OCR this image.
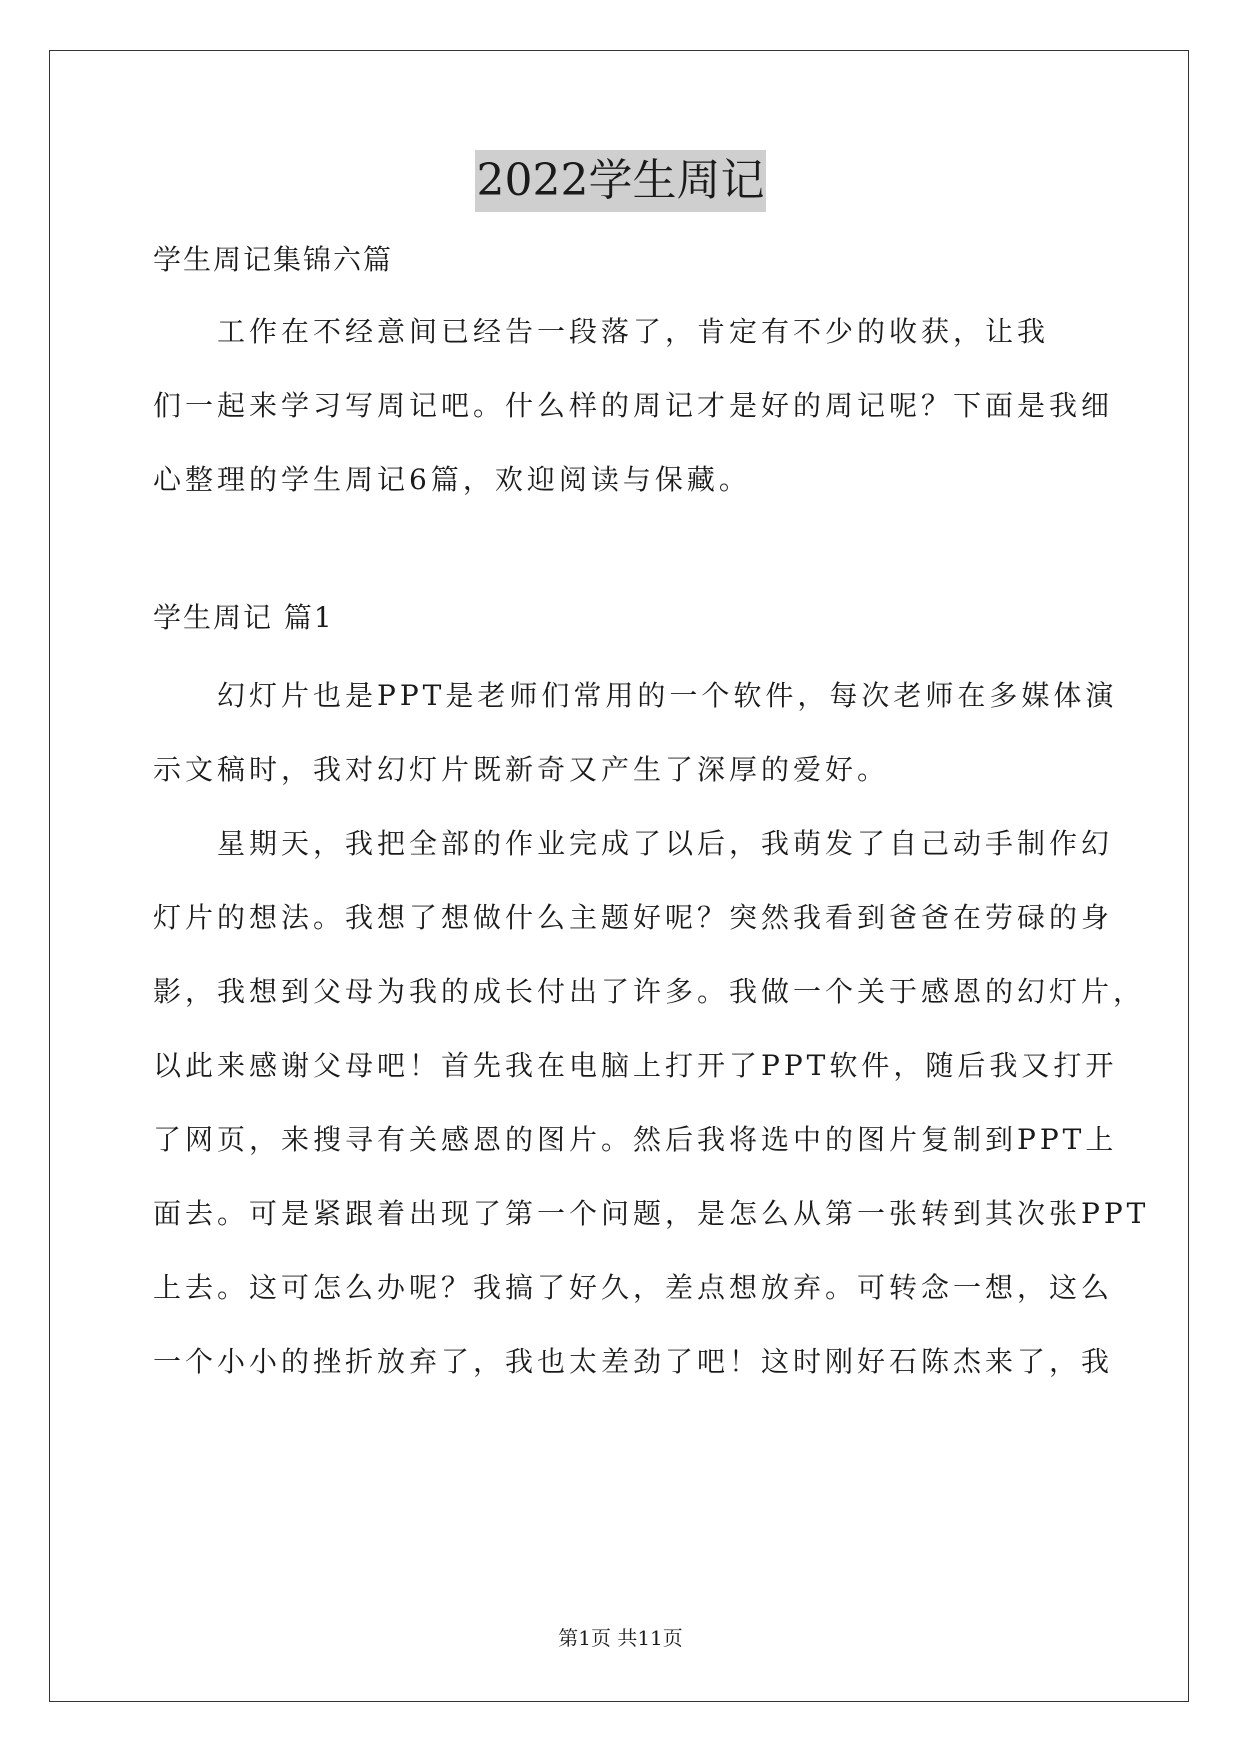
2022学生周记

学生周记集锦六篇

　　工作在不经意间已经告一段落了，肯定有不少的收获，让我

们一起来学习写周记吧。什么样的周记才是好的周记呢？下面是我细

心整理的学生周记6篇，欢迎阅读与保藏。

学生周记 篇1

　　幻灯片也是PPT是老师们常用的一个软件，每次老师在多媒体演

示文稿时，我对幻灯片既新奇又产生了深厚的爱好。

　　星期天，我把全部的作业完成了以后，我萌发了自己动手制作幻

灯片的想法。我想了想做什么主题好呢？突然我看到爸爸在劳碌的身

影，我想到父母为我的成长付出了许多。我做一个关于感恩的幻灯片，

以此来感谢父母吧！首先我在电脑上打开了PPT软件，随后我又打开

了网页，来搜寻有关感恩的图片。然后我将选中的图片复制到PPT上

面去。可是紧跟着出现了第一个问题，是怎么从第一张转到其次张PPT

上去。这可怎么办呢？我搞了好久，差点想放弃。可转念一想，这么

一个小小的挫折放弃了，我也太差劲了吧！这时刚好石陈杰来了，我

第1页 共11页
